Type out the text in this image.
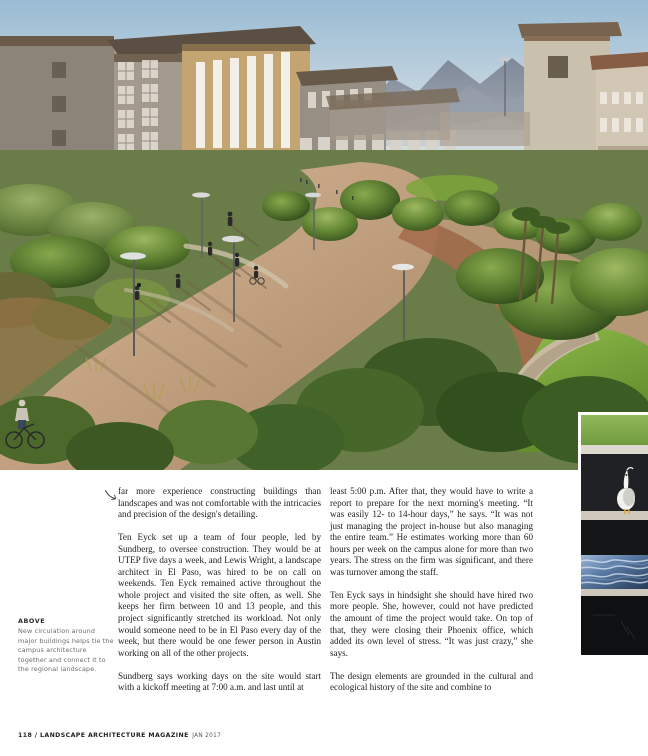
far more experience constructing buildings than landscapes and was not comfortable with the intricacies and precision of the design's detailing.

Ten Eyck set up a team of four people, led by Sundberg, to oversee construction. They would be at UTEP five days a week, and Lewis Wright, a landscape architect in El Paso, was hired to be on call on weekends. Ten Eyck remained active throughout the whole project and visited the site often, as well. She keeps her firm between 10 and 13 people, and this project significantly stretched its workload. Not only would someone need to be in El Paso every day of the week, but there would be one fewer person in Austin working on all of the other projects.

Sundberg says working days on the site would start with a kickoff meeting at 7:00 a.m. and last until at

least 5:00 p.m. After that, they would have to write a report to prepare for the next morning's meeting. “It was easily 12- to 14-hour days,” he says. “It was not just managing the project in-house but also managing the entire team.” He estimates working more than 60 hours per week on the campus alone for more than two years. The stress on the firm was significant, and there was turnover among the staff.

Ten Eyck says in hindsight she should have hired two more people. She, however, could not have predicted the amount of time the project would take. On top of that, they were closing their Phoenix office, which added its own level of stress. “It was just crazy,” she says.

The design elements are grounded in the cultural and ecological history of the site and combine to

ABOVE
New circulation around major buildings helps tie the campus architecture together and connect it to the regional landscape.
118 / LANDSCAPE ARCHITECTURE MAGAZINE JAN 2017
